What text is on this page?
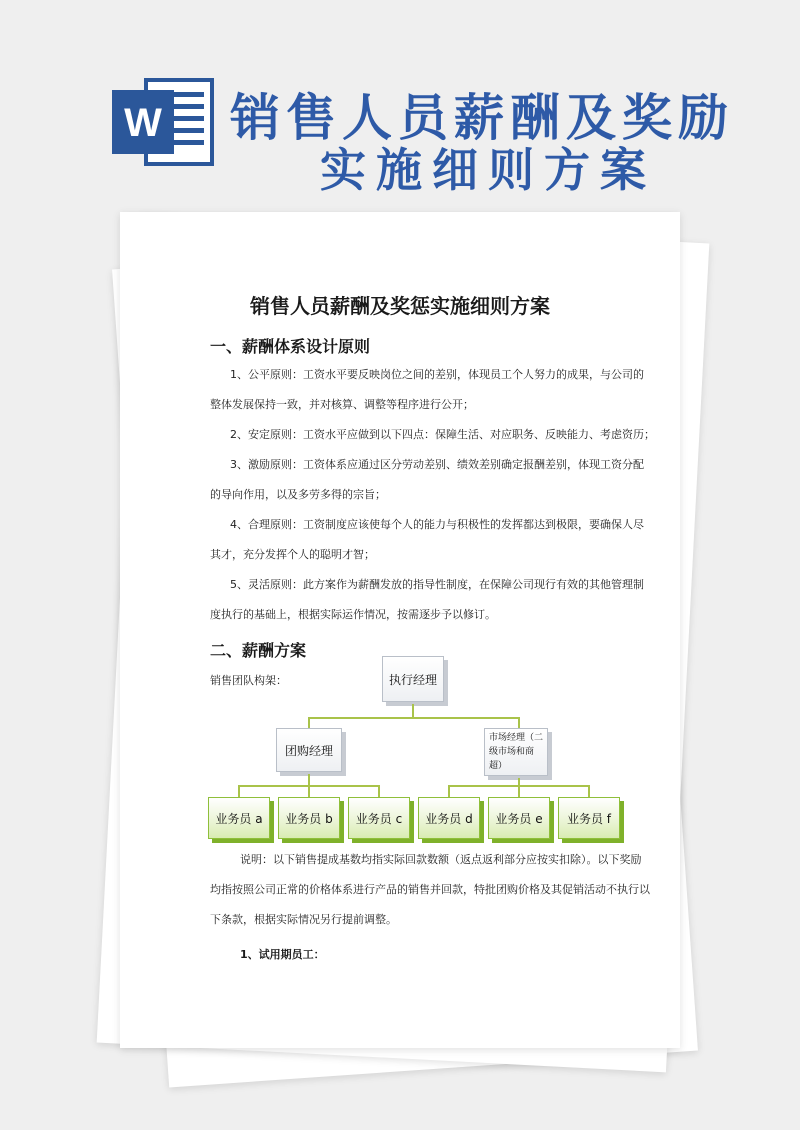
W 销售人员薪酬及奖励
实施细则方案
销售人员薪酬及奖惩实施细则方案
一、薪酬体系设计原则
1、公平原则：工资水平要反映岗位之间的差别，体现员工个人努力的成果，与公司的
整体发展保持一致，并对核算、调整等程序进行公开；
2、安定原则：工资水平应做到以下四点：保障生活、对应职务、反映能力、考虑资历；
3、激励原则：工资体系应通过区分劳动差别、绩效差别确定报酬差别，体现工资分配
的导向作用，以及多劳多得的宗旨；
4、合理原则：工资制度应该使每个人的能力与积极性的发挥都达到极限，要确保人尽
其才，充分发挥个人的聪明才智；
5、灵活原则：此方案作为薪酬发放的指导性制度，在保障公司现行有效的其他管理制
度执行的基础上，根据实际运作情况，按需逐步予以修订。
二、薪酬方案
销售团队构架：	执行经理
团购经理
市场经理（二级市场和商超）
业务员 a	业务员 b	业务员 c	业务员 d	业务员 e	业务员 f
说明：以下销售提成基数均指实际回款数额（返点返利部分应按实扣除）。以下奖励
均指按照公司正常的价格体系进行产品的销售并回款，特批团购价格及其促销活动不执行以
下条款，根据实际情况另行提前调整。
1、试用期员工：
